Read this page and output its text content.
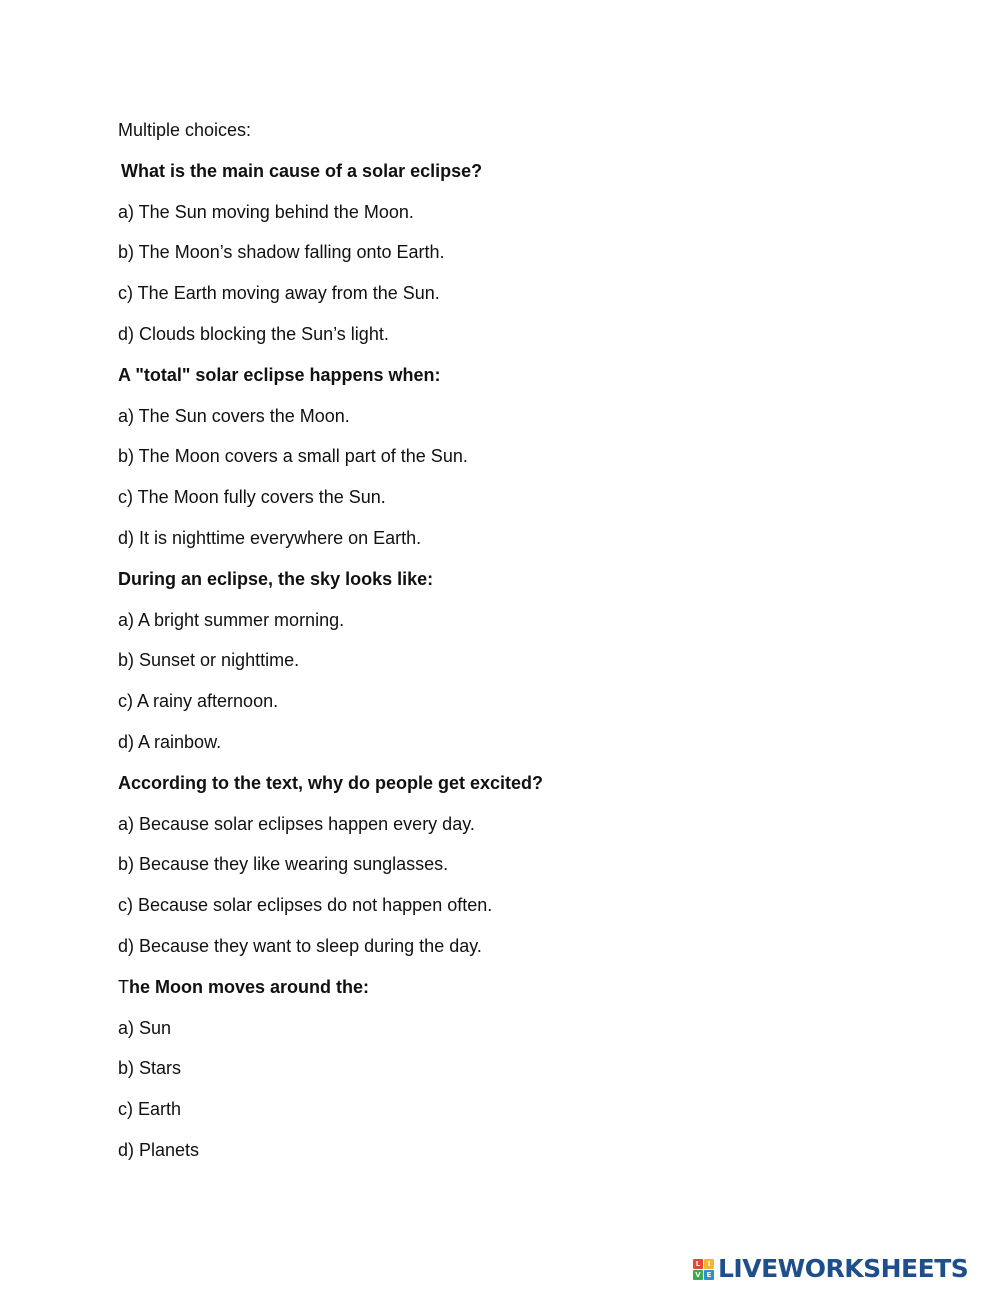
Multiple choices:
What is the main cause of a solar eclipse?
a) The Sun moving behind the Moon.
b) The Moon’s shadow falling onto Earth.
c) The Earth moving away from the Sun.
d) Clouds blocking the Sun’s light.
A "total" solar eclipse happens when:
a) The Sun covers the Moon.
b) The Moon covers a small part of the Sun.
c) The Moon fully covers the Sun.
d) It is nighttime everywhere on Earth.
During an eclipse, the sky looks like:
a) A bright summer morning.
b) Sunset or nighttime.
c) A rainy afternoon.
d) A rainbow.
According to the text, why do people get excited?
a) Because solar eclipses happen every day.
b) Because they like wearing sunglasses.
c) Because solar eclipses do not happen often.
d) Because they want to sleep during the day.
The Moon moves around the:
a) Sun
b) Stars
c) Earth
d) Planets
L	I
V E LIVEWORKSHEETS
